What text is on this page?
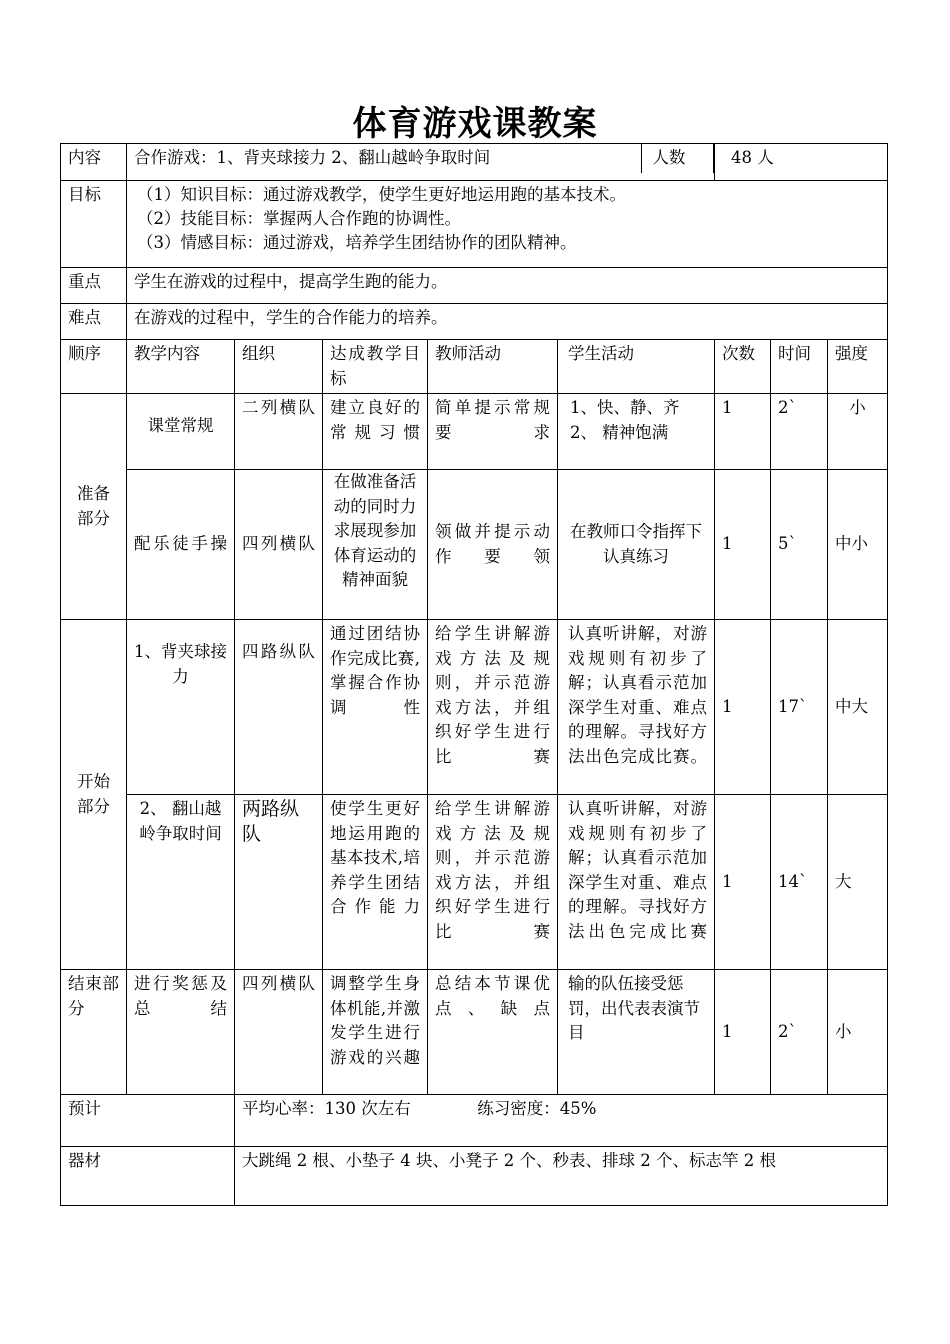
体育游戏课教案
内容	合作游戏：1、背夹球接力 2、翻山越岭争取时间 人数					48 人		
目标	（1）知识目标：通过游戏教学，使学生更好地运用跑的基本技术。
（2）技能目标：掌握两人合作跑的协调性。
（3）情感目标：通过游戏，培养学生团结协作的团队精神。							

重点	学生在游戏的过程中，提高学生跑的能力。							
难点	在游戏的过程中，学生的合作能力的培养。							
顺序	教学内容	组织	达成教学目标	教师活动	学生活动	次数	时间	强度

准备部分	课堂常规	二列横队	建立良好的常规习惯	简单提示常规要求	1、快、静、齐
2、 精神饱满	1	2`	小
	配乐徒手操	四列横队	在做准备活动的同时力求展现参加体育运动的精神面貌	领做并提示动作要领	在教师口令指挥下认真练习	1	5`	中小

开始部分	1、背夹球接力	四路纵队	通过团结协作完成比赛,掌握合作协调性	给学生讲解游戏方法及规则，并示范游戏方法，并组织好学生进行比赛	认真听讲解，对游戏规则有初步了解；认真看示范加深学生对重、难点的理解。寻找好方法出色完成比赛。	1	17`	中大
	2、 翻山越岭争取时间	两路纵队	使学生更好地运用跑的基本技术,培养学生团结合作能力	给学生讲解游戏方法及规则，并示范游戏方法，并组织好学生进行比赛	认真听讲解，对游戏规则有初步了解；认真看示范加深学生对重、难点的理解。寻找好方法出色完成比赛	1	14`	大

结束部分	进行奖惩及总结	四列横队	调整学生身体机能,并激发学生进行游戏的兴趣	总结本节课优点、缺点	输的队伍接受惩罚，出代表表演节目	1	2`	小
预计		平均心率：130 次左右 练习密度：45%						
器材		大跳绳 2 根、小垫子 4 块、小凳子 2 个、秒表、排球 2 个、标志竿 2 根						
